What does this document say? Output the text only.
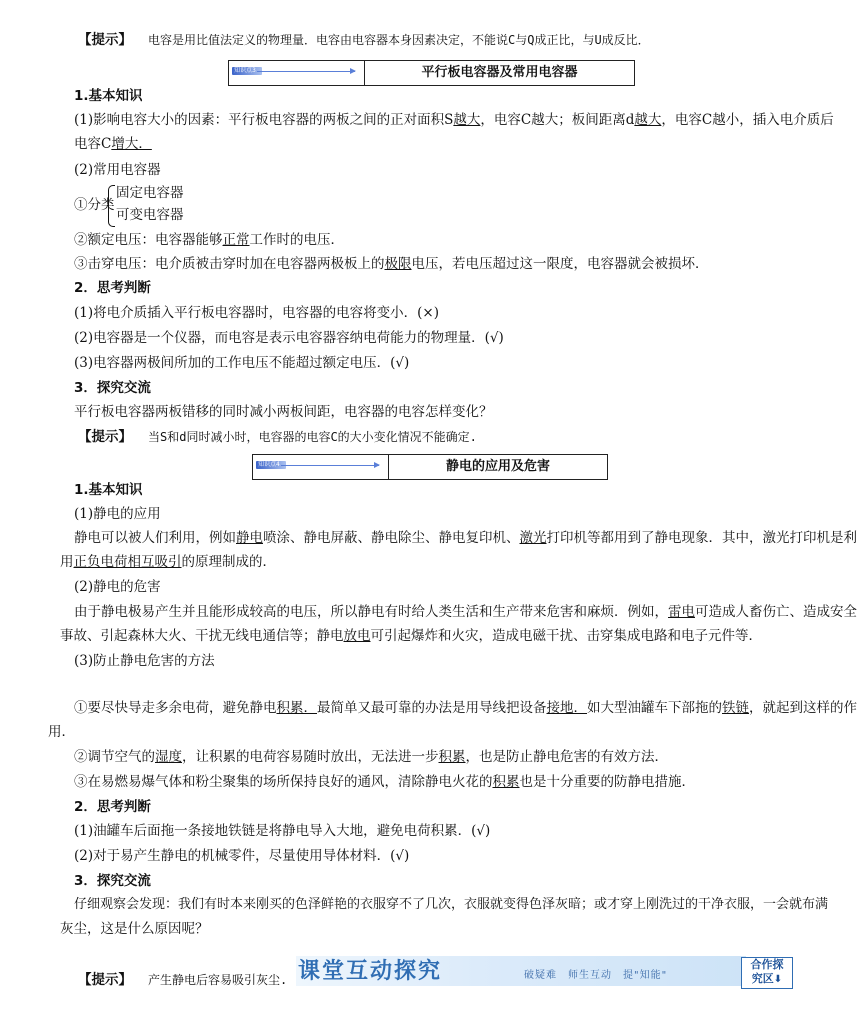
【提示】 电容是用比值法定义的物理量．电容由电容器本身因素决定，不能说C与Q成正比，与U成反比．
知识点3	平行板电容器及常用电容器
1.基本知识
(1)影响电容大小的因素：平行板电容器的两板之间的正对面积S越大，电容C越大；板间距离d越大，电容C越小，插入电介质后
电容C增大．
(2)常用电容器
①分类
固定电容器
可变电容器
②额定电压：电容器能够正常工作时的电压．
③击穿电压：电介质被击穿时加在电容器两极板上的极限电压，若电压超过这一限度，电容器就会被损坏．
2．思考判断
(1)将电介质插入平行板电容器时，电容器的电容将变小．(×)
(2)电容器是一个仪器，而电容是表示电容器容纳电荷能力的物理量．(√)
(3)电容器两极间所加的工作电压不能超过额定电压．(√)
3．探究交流
平行板电容器两板错移的同时减小两板间距，电容器的电容怎样变化？
【提示】 当S和d同时减小时，电容器的电容C的大小变化情况不能确定.
知识点4	静电的应用及危害
1.基本知识
(1)静电的应用
静电可以被人们利用，例如静电喷涂、静电屏蔽、静电除尘、静电复印机、激光打印机等都用到了静电现象．其中，激光打印机是利
用正负电荷相互吸引的原理制成的．
(2)静电的危害
由于静电极易产生并且能形成较高的电压，所以静电有时给人类生活和生产带来危害和麻烦．例如，雷电可造成人畜伤亡、造成安全
事故、引起森林大火、干扰无线电通信等；静电放电可引起爆炸和火灾，造成电磁干扰、击穿集成电路和电子元件等．
(3)防止静电危害的方法
①要尽快导走多余电荷，避免静电积累．最简单又最可靠的办法是用导线把设备接地．如大型油罐车下部拖的铁链，就起到这样的作
用．
②调节空气的湿度，让积累的电荷容易随时放出，无法进一步积累，也是防止静电危害的有效方法．
③在易燃易爆气体和粉尘聚集的场所保持良好的通风，清除静电火花的积累也是十分重要的防静电措施．
2．思考判断
(1)油罐车后面拖一条接地铁链是将静电导入大地，避免电荷积累．(√)
(2)对于易产生静电的机械零件，尽量使用导体材料．(√)
3．探究交流
仔细观察会发现：我们有时本来刚买的色泽鲜艳的衣服穿不了几次，衣服就变得色泽灰暗；或才穿上刚洗过的干净衣服，一会就布满
灰尘，这是什么原因呢？
【提示】 产生静电后容易吸引灰尘. 课堂互动探究	破疑难　师生互动　提"知能"
合作探
究区⬇
